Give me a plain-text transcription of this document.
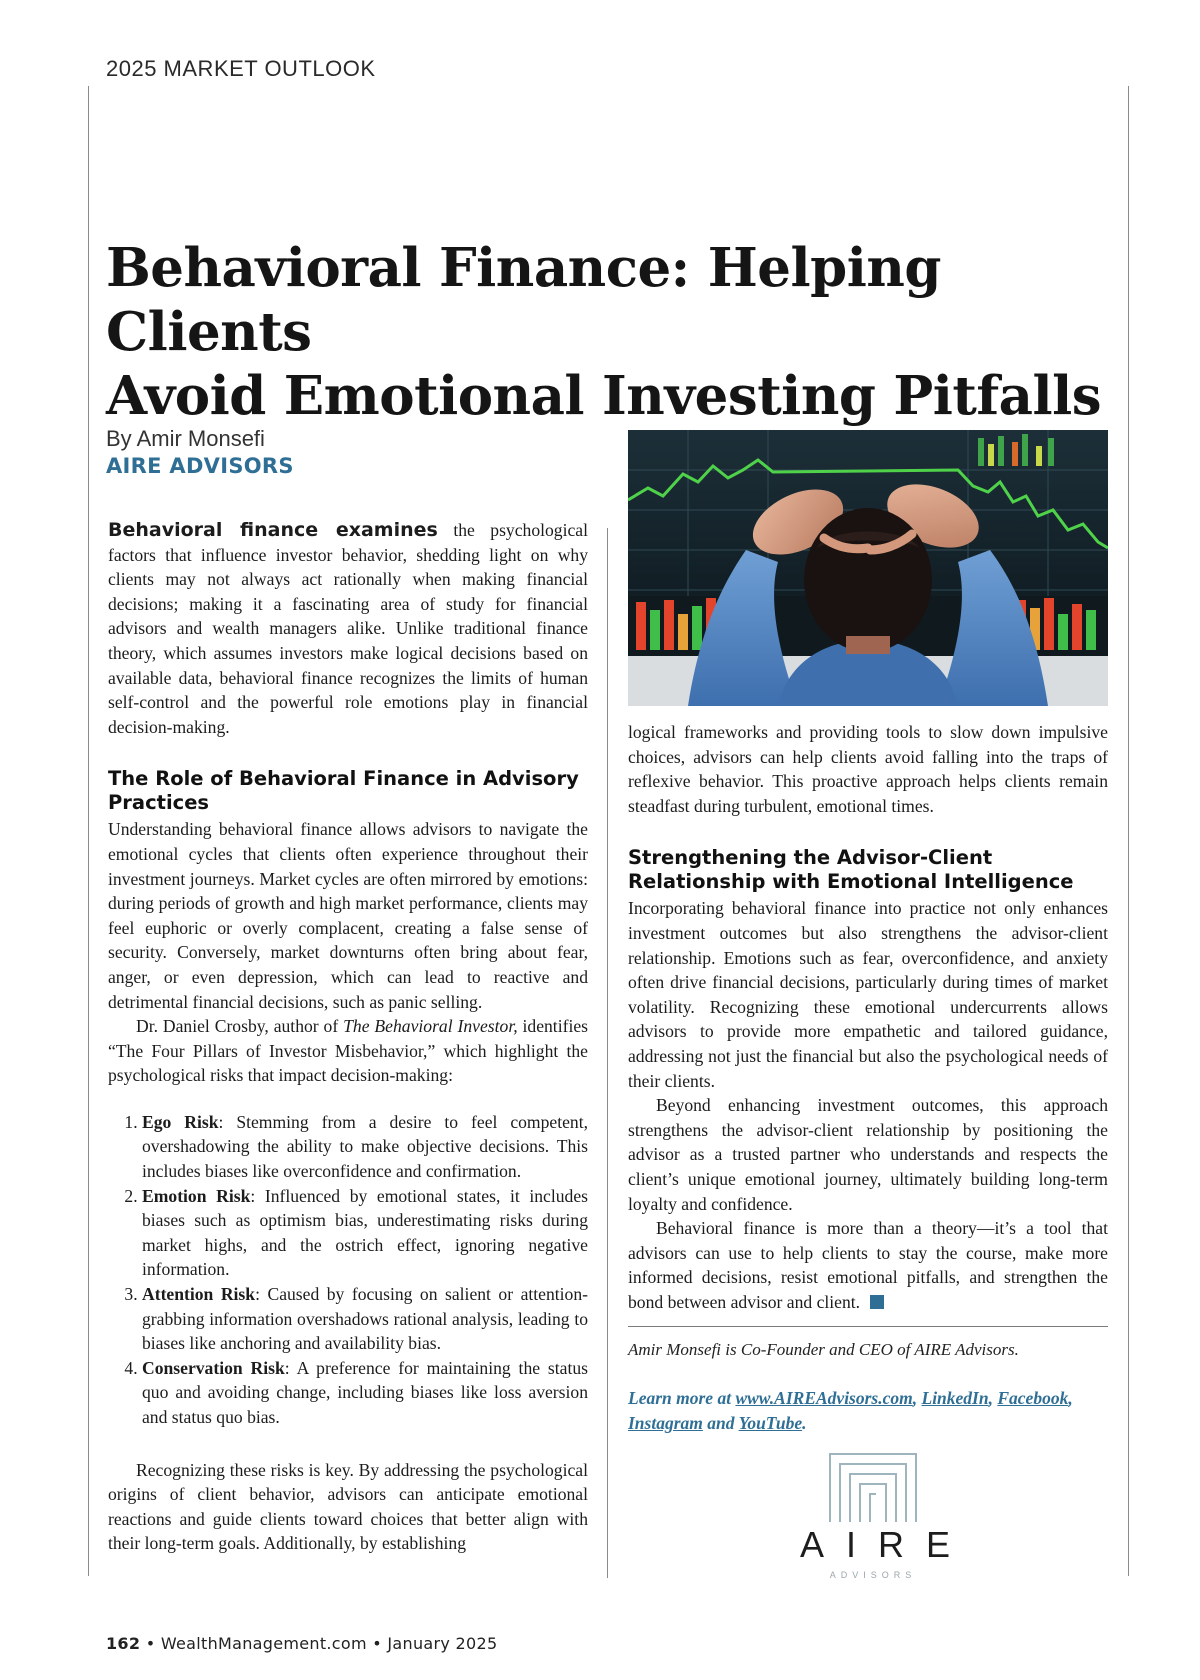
2025 MARKET OUTLOOK
Behavioral Finance: Helping Clients
Avoid Emotional Investing Pitfalls
By Amir Monsefi
AIRE ADVISORS

Behavioral finance examines the psychological factors that influence investor behavior, shedding light on why clients may not always act rationally when making financial decisions; making it a fascinating area of study for financial advisors and wealth managers alike. Unlike traditional finance theory, which assumes investors make logical decisions based on available data, behavioral finance recognizes the limits of human self-control and the powerful role emotions play in financial decision-making.

The Role of Behavioral Finance in Advisory Practices

Understanding behavioral finance allows advisors to navigate the emotional cycles that clients often experience throughout their investment journeys. Market cycles are often mirrored by emotions: during periods of growth and high market performance, clients may feel euphoric or overly complacent, creating a false sense of security. Conversely, market downturns often bring about fear, anger, or even depression, which can lead to reactive and detrimental financial decisions, such as panic selling.

Dr. Daniel Crosby, author of The Behavioral Investor, identifies “The Four Pillars of Investor Misbehavior,” which highlight the psychological risks that impact decision-making:

1. Ego Risk: Stemming from a desire to feel competent, overshadowing the ability to make objective decisions. This includes biases like overconfidence and confirmation.
2. Emotion Risk: Influenced by emotional states, it includes biases such as optimism bias, underestimating risks during market highs, and the ostrich effect, ignoring negative information.
3. Attention Risk: Caused by focusing on salient or attention-grabbing information overshadows rational analysis, leading to biases like anchoring and availability bias.
4. Conservation Risk: A preference for maintaining the status quo and avoiding change, including biases like loss aversion and status quo bias.

Recognizing these risks is key. By addressing the psychological origins of client behavior, advisors can anticipate emotional reactions and guide clients toward choices that better align with their long-term goals. Additionally, by establishing

logical frameworks and providing tools to slow down impulsive choices, advisors can help clients avoid falling into the traps of reflexive behavior. This proactive approach helps clients remain steadfast during turbulent, emotional times.

Strengthening the Advisor-Client Relationship with Emotional Intelligence

Incorporating behavioral finance into practice not only enhances investment outcomes but also strengthens the advisor-client relationship. Emotions such as fear, overconfidence, and anxiety often drive financial decisions, particularly during times of market volatility. Recognizing these emotional undercurrents allows advisors to provide more empathetic and tailored guidance, addressing not just the financial but also the psychological needs of their clients.

Beyond enhancing investment outcomes, this approach strengthens the advisor-client relationship by positioning the advisor as a trusted partner who understands and respects the client’s unique emotional journey, ultimately building long-term loyalty and confidence.

Behavioral finance is more than a theory—it’s a tool that advisors can use to help clients to stay the course, make more informed decisions, resist emotional pitfalls, and strengthen the bond between advisor and client.

Amir Monsefi is Co-Founder and CEO of AIRE Advisors.
Learn more at www.AIREAdvisors.com, LinkedIn, Facebook,
Instagram and YouTube.
AIRE
ADVISORS
162 • WealthManagement.com • January 2025
